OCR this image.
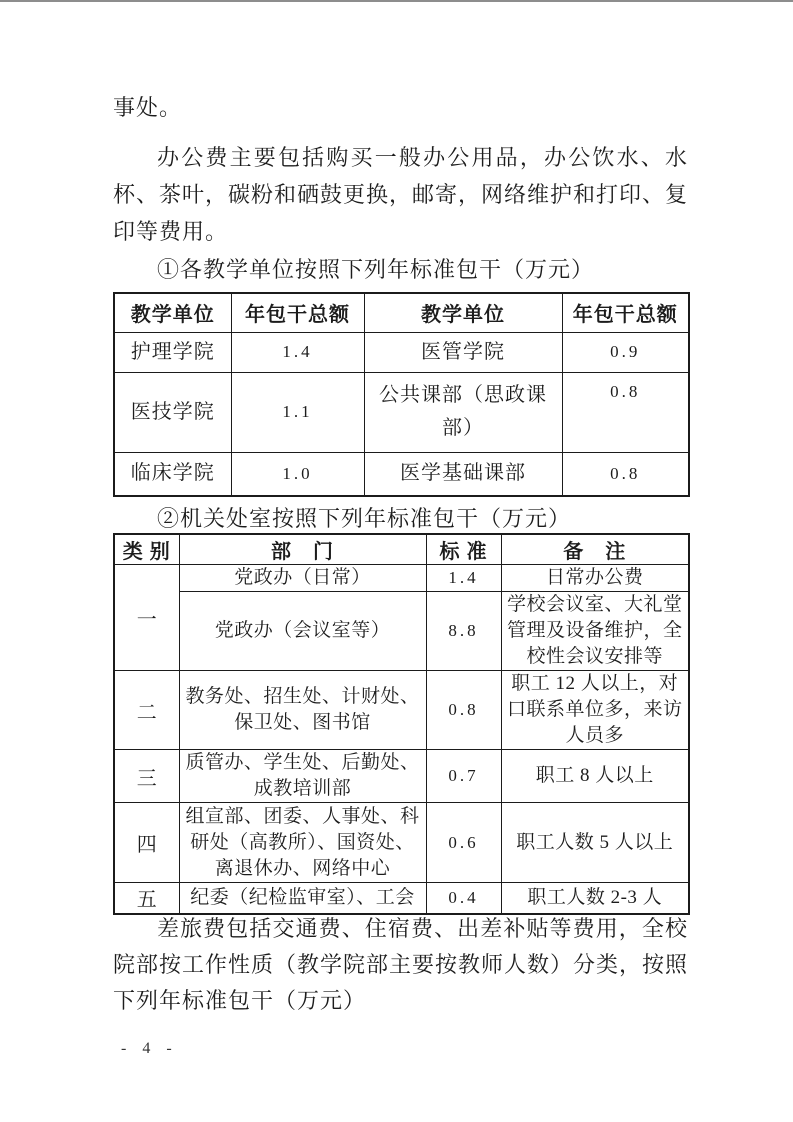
事处。

办公费主要包括购买一般办公用品，办公饮水、水杯、茶叶，碳粉和硒鼓更换，邮寄，网络维护和打印、复印等费用。

①各教学单位按照下列年标准包干（万元）

教学单位	年包干总额	教学单位	年包干总额
护理学院	1.4	医管学院	0.9
医技学院	1.1	公共课部（思政课部）	0.8
临床学院	1.0	医学基础课部	0.8

②机关处室按照下列年标准包干（万元）

类 别	部　门	标 准	备　注
一	党政办（日常）	1.4	日常办公费
	党政办（会议室等）	8.8	学校会议室、大礼堂管理及设备维护，全校性会议安排等
二	教务处、招生处、计财处、保卫处、图书馆	0.8	职工 12 人以上，对口联系单位多，来访人员多
三	质管办、学生处、后勤处、成教培训部	0.7	职工 8 人以上
四	组宣部、团委、人事处、科研处（高教所）、国资处、离退休办、网络中心	0.6	职工人数 5 人以上
五	纪委（纪检监审室）、工会	0.4	职工人数 2-3 人

差旅费包括交通费、住宿费、出差补贴等费用，全校院部按工作性质（教学院部主要按教师人数）分类，按照下列年标准包干（万元）

- 4 -
